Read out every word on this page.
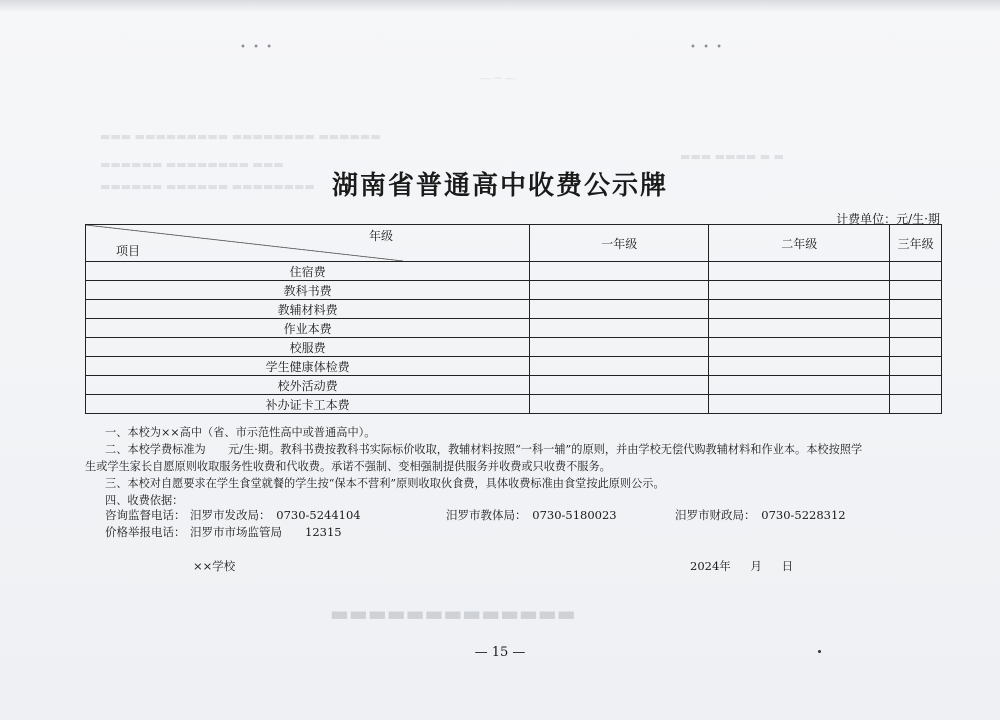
• • •	• • •
— ─ —
▬▬▬ ▬▬▬▬▬▬▬▬▬ ▬▬▬▬▬▬▬▬ ▬▬▬▬▬▬
▬▬▬▬▬▬ ▬▬▬▬▬▬▬▬ ▬▬▬
▬▬▬▬▬▬ ▬▬▬▬▬▬ ▬▬▬▬▬▬▬▬
▬▬▬ ▬▬▬▬ ▬ ▬
湖南省普通高中收费公示牌
计费单位：元/生·期
年级
项目	一年级	二年级	三年级
住宿费			
教科书费			
教辅材料费			
作业本费			
校服费			
学生健康体检费			
校外活动费			
补办证卡工本费			
一、本校为××高中（省、市示范性高中或普通高中）。
二、本校学费标准为　　元/生·期。教科书费按教科书实际标价收取，教辅材料按照“一科一辅”的原则，并由学校无偿代购教辅材料和作业本。本校按照学
生或学生家长自愿原则收取服务性收费和代收费。承诺不强制、变相强制提供服务并收费或只收费不服务。
三、本校对自愿要求在学生食堂就餐的学生按“保本不营利”原则收取伙食费，具体收费标准由食堂按此原则公示。
四、收费依据：
咨询监督电话： 汨罗市发改局：　0730-5244104	汨罗市教体局：　0730-5180023	汨罗市财政局：　0730-5228312
价格举报电话： 汨罗市市场监管局　　12315
××学校	2024年 月 日
▬▬▬▬▬▬▬▬▬▬▬▬▬
— 15 —
